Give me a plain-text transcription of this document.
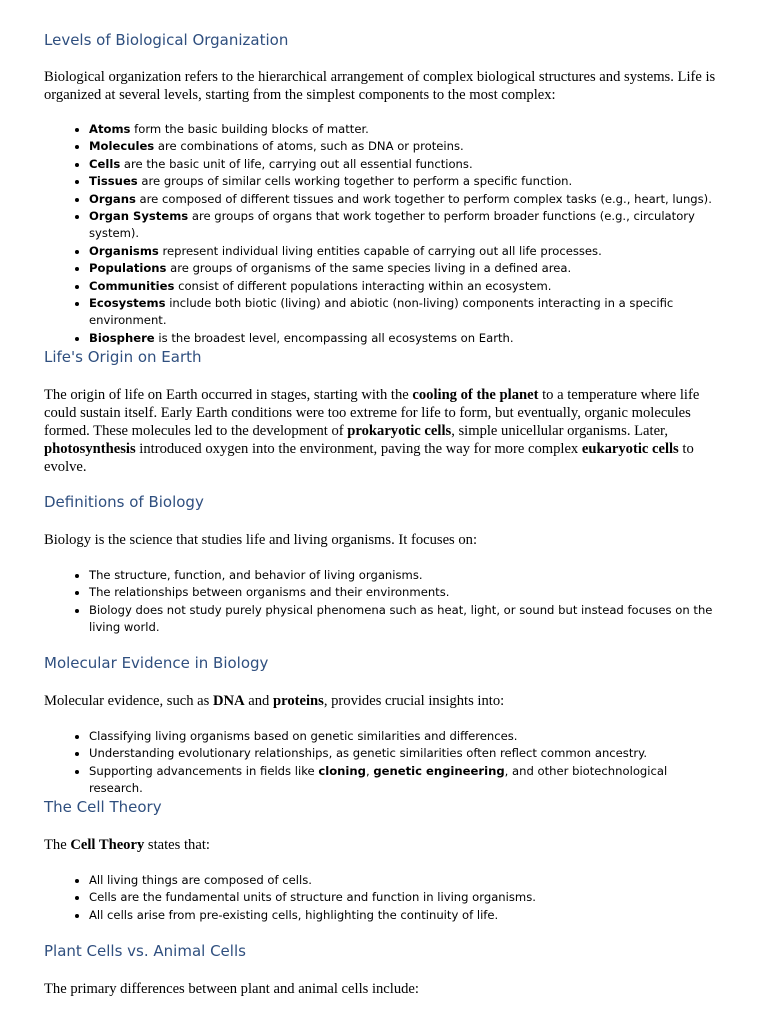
Levels of Biological Organization

Biological organization refers to the hierarchical arrangement of complex biological structures and systems. Life is organized at several levels, starting from the simplest components to the most complex:

• Atoms form the basic building blocks of matter.
• Molecules are combinations of atoms, such as DNA or proteins.
• Cells are the basic unit of life, carrying out all essential functions.
• Tissues are groups of similar cells working together to perform a specific function.
• Organs are composed of different tissues and work together to perform complex tasks (e.g., heart, lungs).
• Organ Systems are groups of organs that work together to perform broader functions (e.g., circulatory system).
• Organisms represent individual living entities capable of carrying out all life processes.
• Populations are groups of organisms of the same species living in a defined area.
• Communities consist of different populations interacting within an ecosystem.
• Ecosystems include both biotic (living) and abiotic (non-living) components interacting in a specific environment.
• Biosphere is the broadest level, encompassing all ecosystems on Earth.
Life's Origin on Earth

The origin of life on Earth occurred in stages, starting with the cooling of the planet to a temperature where life could sustain itself. Early Earth conditions were too extreme for life to form, but eventually, organic molecules formed. These molecules led to the development of prokaryotic cells, simple unicellular organisms. Later, photosynthesis introduced oxygen into the environment, paving the way for more complex eukaryotic cells to evolve.

Definitions of Biology

Biology is the science that studies life and living organisms. It focuses on:

• The structure, function, and behavior of living organisms.
• The relationships between organisms and their environments.
• Biology does not study purely physical phenomena such as heat, light, or sound but instead focuses on the living world.
Molecular Evidence in Biology

Molecular evidence, such as DNA and proteins, provides crucial insights into:

• Classifying living organisms based on genetic similarities and differences.
• Understanding evolutionary relationships, as genetic similarities often reflect common ancestry.
• Supporting advancements in fields like cloning, genetic engineering, and other biotechnological research.
The Cell Theory

The Cell Theory states that:

• All living things are composed of cells.
• Cells are the fundamental units of structure and function in living organisms.
• All cells arise from pre-existing cells, highlighting the continuity of life.
Plant Cells vs. Animal Cells

The primary differences between plant and animal cells include:
